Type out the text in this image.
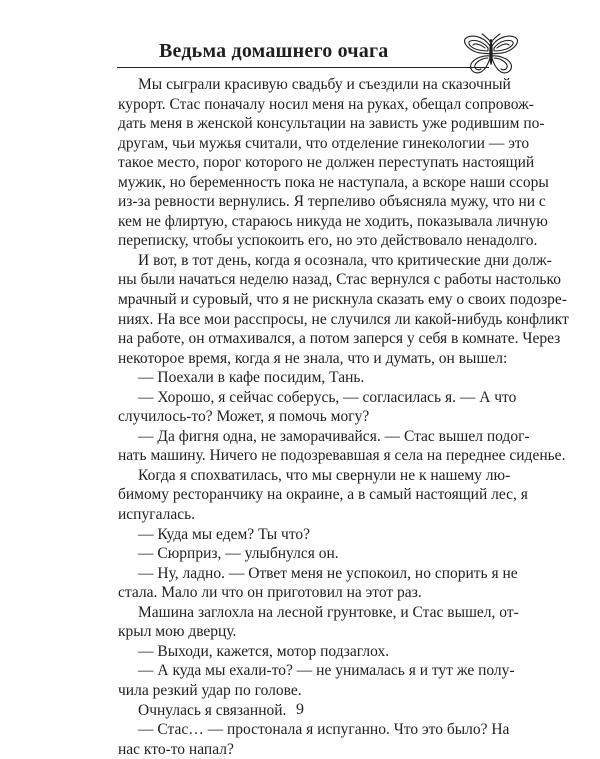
Ведьма домашнего очага
Мы сыграли красивую свадьбу и съездили на сказочный
курорт. Стас поначалу носил меня на руках, обещал сопровож-
дать меня в женской консультации на зависть уже родившим по-
другам, чьи мужья считали, что отделение гинекологии — это
такое место, порог которого не должен переступать настоящий
мужик, но беременность пока не наступала, а вскоре наши ссоры
из-за ревности вернулись. Я терпеливо объясняла мужу, что ни с
кем не флиртую, стараюсь никуда не ходить, показывала личную
переписку, чтобы успокоить его, но это действовало ненадолго.
И вот, в тот день, когда я осознала, что критические дни долж-
ны были начаться неделю назад, Стас вернулся с работы настолько
мрачный и суровый, что я не рискнула сказать ему о своих подозре-
ниях. На все мои расспросы, не случился ли какой-нибудь конфликт
на работе, он отмахивался, а потом заперся у себя в комнате. Через
некоторое время, когда я не знала, что и думать, он вышел:
— Поехали в кафе посидим, Тань.
— Хорошо, я сейчас соберусь, — согласилась я. — А что
случилось-то? Может, я помочь могу?
— Да фигня одна, не заморачивайся. — Стас вышел подог-
нать машину. Ничего не подозревавшая я села на переднее сиденье.
Когда я спохватилась, что мы свернули не к нашему лю-
бимому ресторанчику на окраине, а в самый настоящий лес, я
испугалась.
— Куда мы едем? Ты что?
— Сюрприз, — улыбнулся он.
— Ну, ладно. — Ответ меня не успокоил, но спорить я не
стала. Мало ли что он приготовил на этот раз.
Машина заглохла на лесной грунтовке, и Стас вышел, от-
крыл мою дверцу.
— Выходи, кажется, мотор подзаглох.
— А куда мы ехали-то? — не унималась я и тут же полу-
чила резкий удар по голове.
Очнулась я связанной.
— Стас… — простонала я испуганно. Что это было? На
нас кто-то напал?
9
